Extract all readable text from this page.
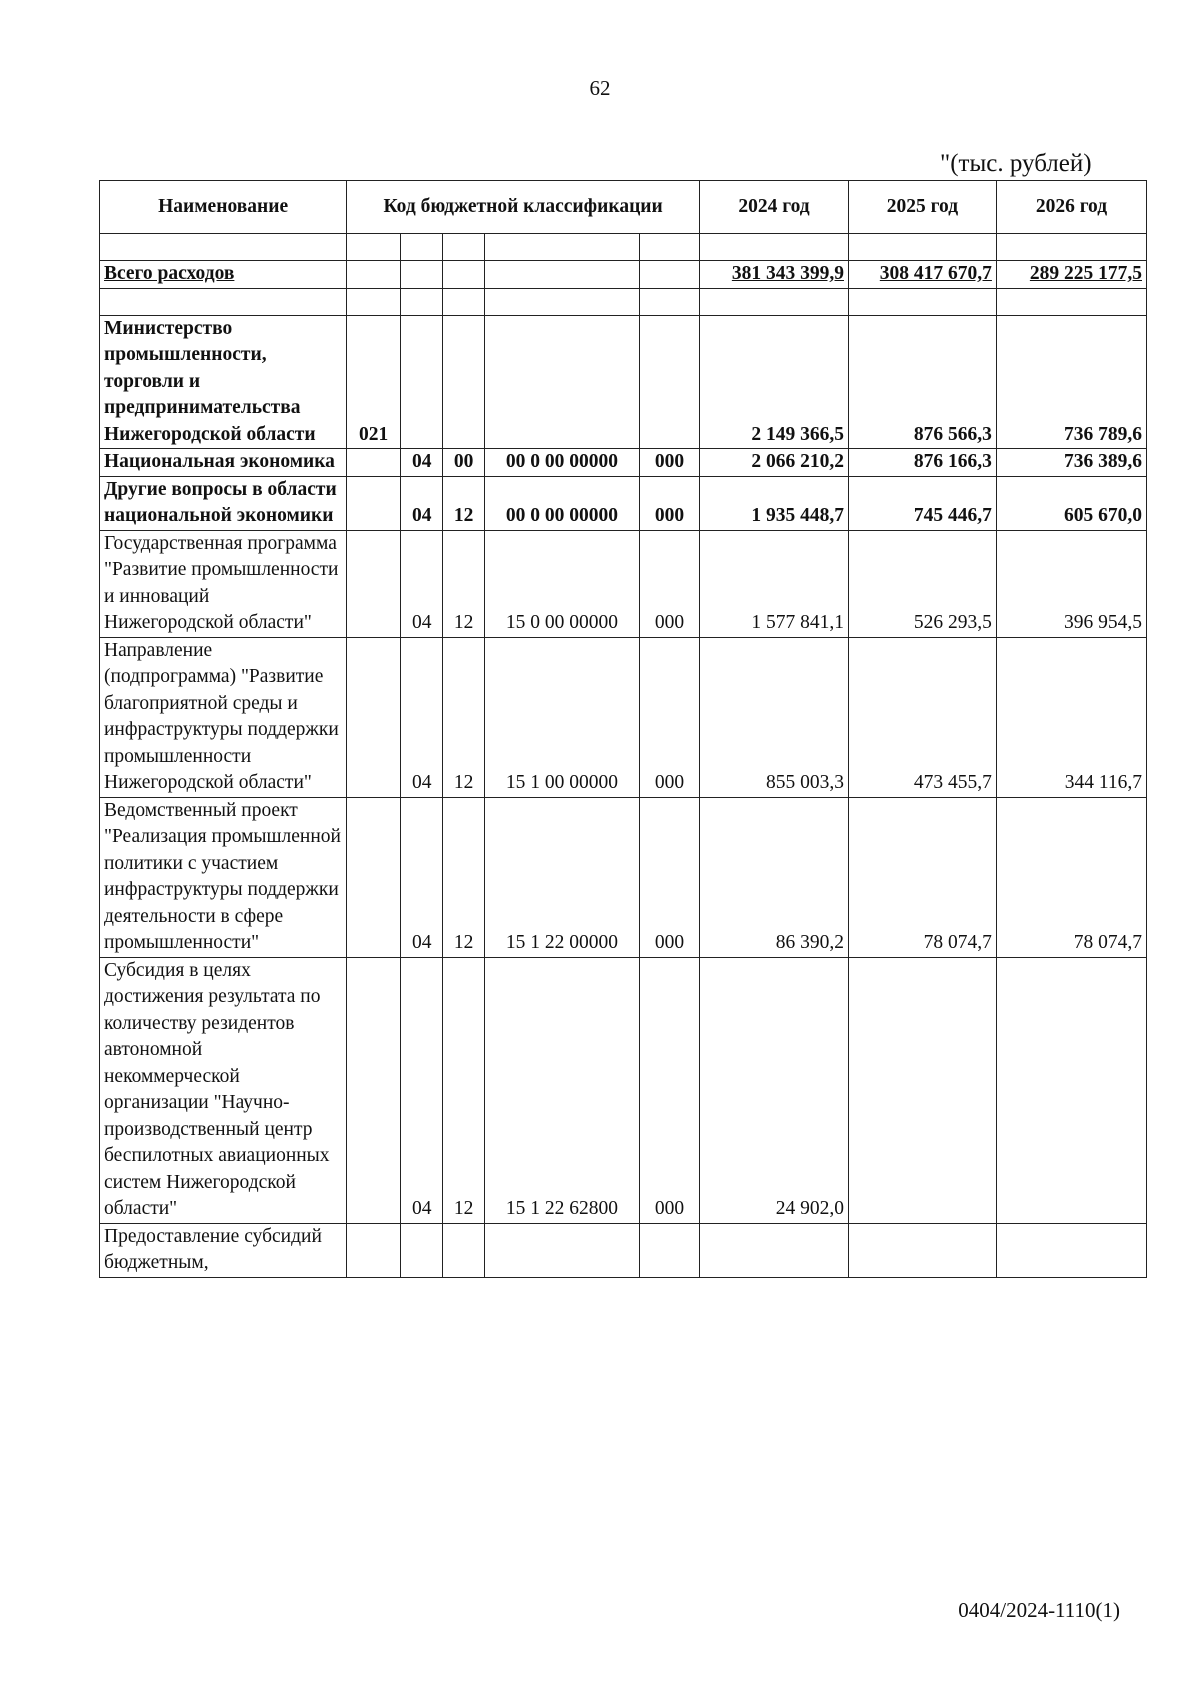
62
"(тыс. рублей)
Наименование	Код бюджетной классификации					2024 год	2025 год	2026 год

Всего расходов						381 343 399,9	308 417 670,7	289 225 177,5

Министерство промышленности, торговли и предпринимательства Нижегородской области	021					2 149 366,5	876 566,3	736 789,6
Национальная экономика		04	00	00 0 00 00000	000	2 066 210,2	876 166,3	736 389,6
Другие вопросы в области национальной экономики		04	12	00 0 00 00000	000	1 935 448,7	745 446,7	605 670,0
Государственная программа "Развитие промышленности и инноваций Нижегородской области"		04	12	15 0 00 00000	000	1 577 841,1	526 293,5	396 954,5
Направление (подпрограмма) "Развитие благоприятной среды и инфраструктуры поддержки промышленности Нижегородской области"		04	12	15 1 00 00000	000	855 003,3	473 455,7	344 116,7
Ведомственный проект "Реализация промышленной политики с участием инфраструктуры поддержки деятельности в сфере промышленности"		04	12	15 1 22 00000	000	86 390,2	78 074,7	78 074,7
Субсидия в целях достижения результата по количеству резидентов автономной некоммерческой организации "Научно-производственный центр беспилотных авиационных систем Нижегородской области"		04	12	15 1 22 62800	000	24 902,0		
Предоставление субсидий бюджетным,								
0404/2024-1110(1)
